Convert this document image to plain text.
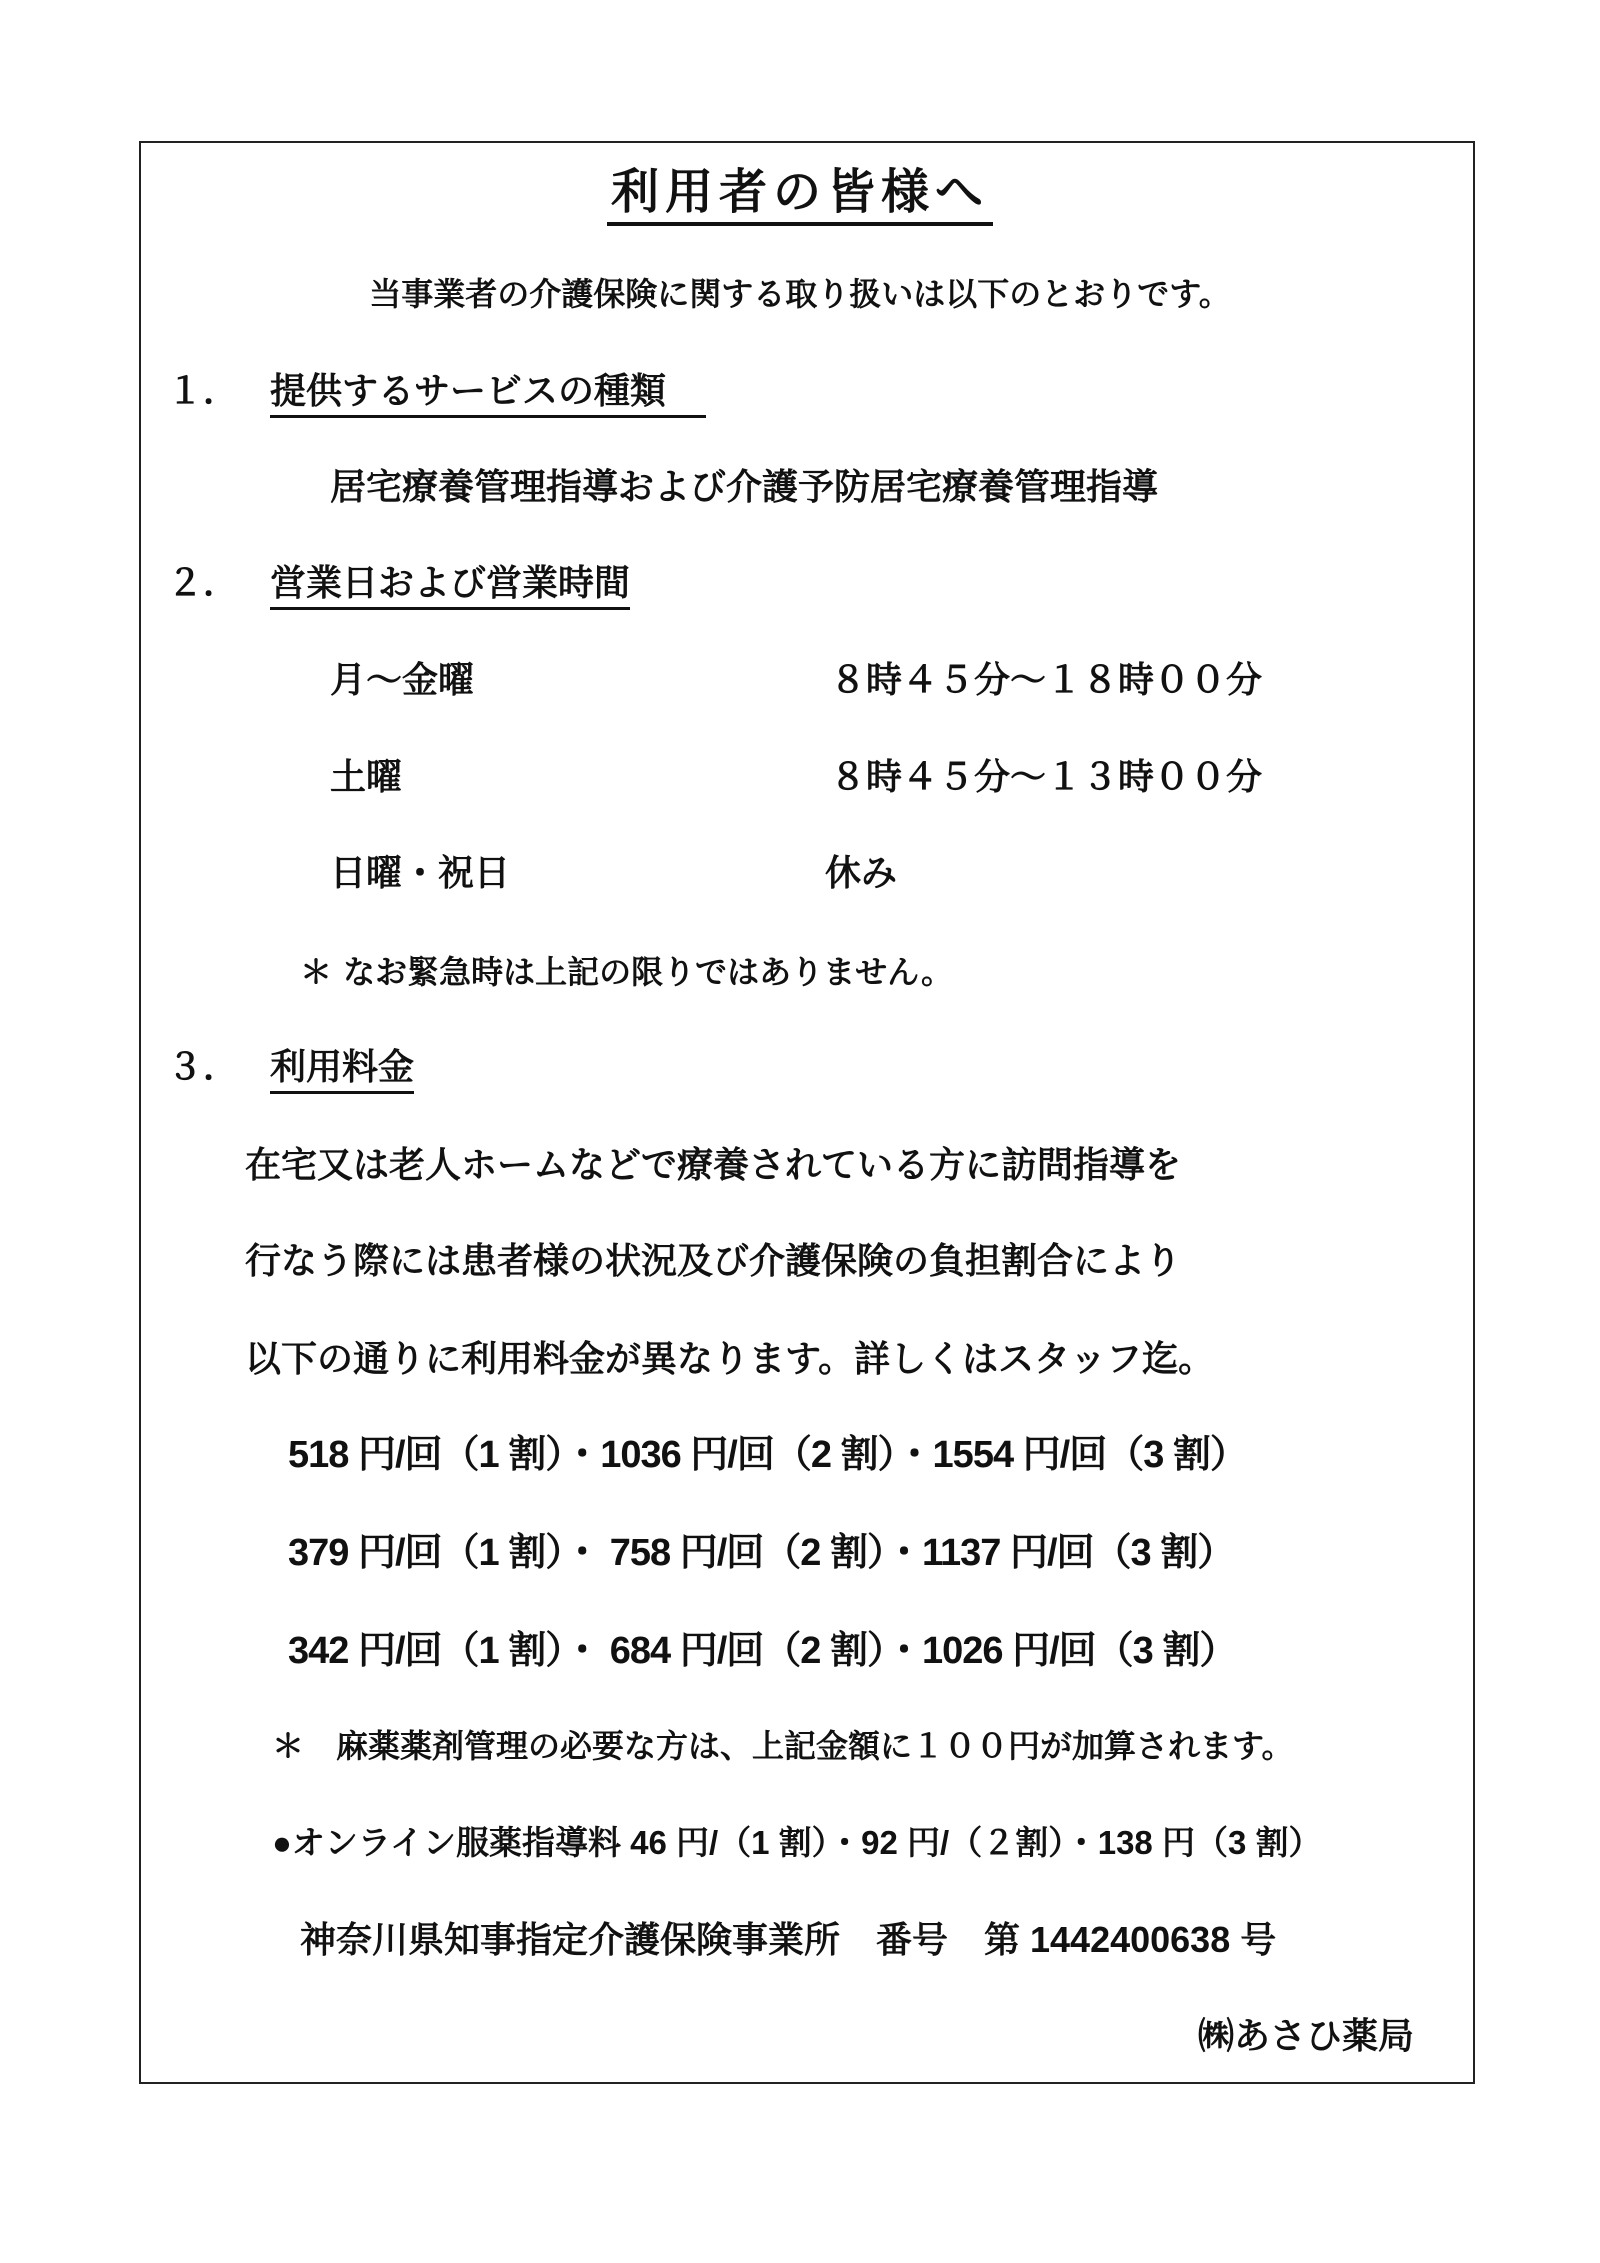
利用者の皆様へ
当事業者の介護保険に関する取り扱いは以下のとおりです。
１． 提供するサービスの種類
居宅療養管理指導および介護予防居宅療養管理指導
２． 営業日および営業時間
月～金曜	８時４５分～１８時００分
土曜	８時４５分～１３時００分
日曜・祝日	休み
＊ なお緊急時は上記の限りではありません。
３． 利用料金
在宅又は老人ホームなどで療養されている方に訪問指導を
行なう際には患者様の状況及び介護保険の負担割合により
以下の通りに利用料金が異なります。詳しくはスタッフ迄。
518 円/回（1 割）・1036 円/回（2 割）・1554 円/回（3 割）
379 円/回（1 割）・ 758 円/回（2 割）・1137 円/回（3 割）
342 円/回（1 割）・ 684 円/回（2 割）・1026 円/回（3 割）
＊　麻薬薬剤管理の必要な方は、上記金額に１００円が加算されます。
●オンライン服薬指導料 46 円/（1 割）・92 円/（２割）・138 円（3 割）
神奈川県知事指定介護保険事業所　番号　第 1442400638 号
㈱あさひ薬局
